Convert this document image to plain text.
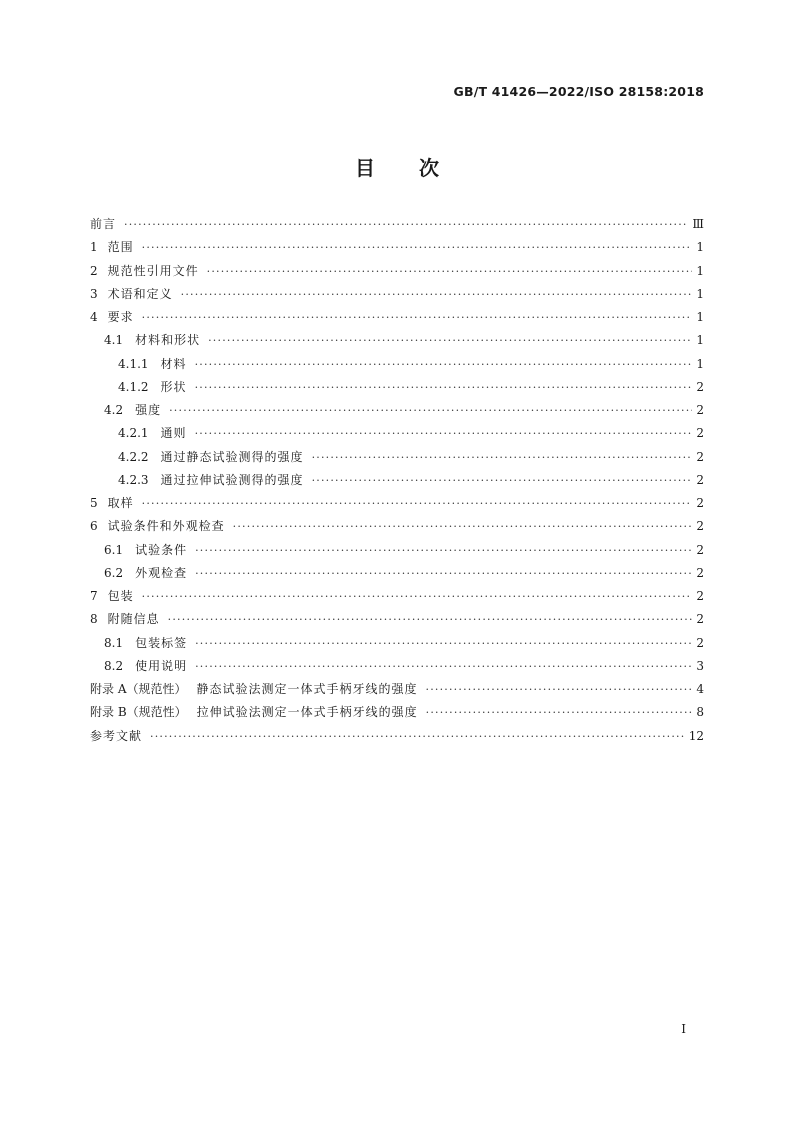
GB/T 41426—2022/ISO 28158:2018
目 次
前言 ·····	Ⅲ
1 范围 ·····	1
2 规范性引用文件 ·····	1
3 术语和定义 ·····	1
4 要求 ·····	1
4.1 材料和形状 ·····	1
4.1.1 材料 ·····	1
4.1.2 形状 ·····	2
4.2 强度 ·····	2
4.2.1 通则 ·····	2
4.2.2 通过静态试验测得的强度 ·····	2
4.2.3 通过拉伸试验测得的强度 ·····	2
5 取样 ·····	2
6 试验条件和外观检查 ·····	2
6.1 试验条件 ·····	2
6.2 外观检查 ·····	2
7 包装 ·····	2
8 附随信息 ·····	2
8.1 包装标签 ·····	2
8.2 使用说明 ·····	3
附录 A（规范性） 静态试验法测定一体式手柄牙线的强度 ·····	4
附录 B（规范性） 拉伸试验法测定一体式手柄牙线的强度 ·····	8
参考文献 ·····	12
I
